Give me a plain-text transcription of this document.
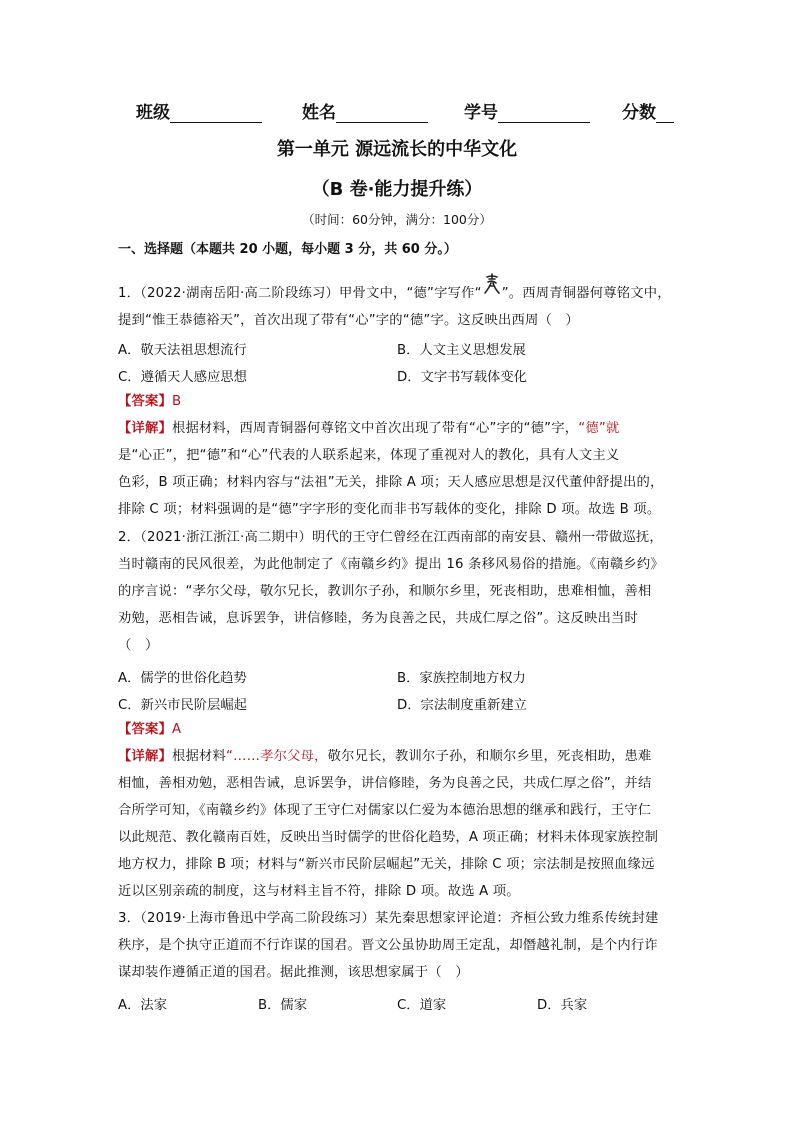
班级	姓名	学号	分数
第一单元 源远流长的中华文化
（B 卷·能力提升练）
（时间：60分钟，满分：100分）
一、选择题（本题共 20 小题，每小题 3 分，共 60 分。）
1．（2022·湖南岳阳·高二阶段练习）甲骨文中，“德”字写作“ ”。西周青铜器何尊铭文中，
提到“惟王恭德裕天”，首次出现了带有“心”字的“德”字。这反映出西周（　）
A．敬天法祖思想流行	B．人文主义思想发展
C．遵循天人感应思想	D．文字书写载体变化
【答案】B
【详解】根据材料，西周青铜器何尊铭文中首次出现了带有“心”字的“德”字，“德”就
是“心正”，把“德”和“心”代表的人联系起来，体现了重视对人的教化，具有人文主义
色彩，B 项正确；材料内容与“法祖”无关，排除 A 项；天人感应思想是汉代董仲舒提出的，
排除 C 项；材料强调的是“德”字字形的变化而非书写载体的变化，排除 D 项。故选 B 项。
2．（2021·浙江浙江·高二期中）明代的王守仁曾经在江西南部的南安县、赣州一带做巡抚，
当时赣南的民风很差，为此他制定了《南赣乡约》提出 16 条移风易俗的措施。《南赣乡约》
的序言说：“孝尔父母，敬尔兄长，教训尔子孙，和顺尔乡里，死丧相助，患难相恤，善相
劝勉，恶相告诫，息诉罢争，讲信修睦，务为良善之民，共成仁厚之俗”。这反映出当时
（　）
A．儒学的世俗化趋势	B．家族控制地方权力
C．新兴市民阶层崛起	D．宗法制度重新建立
【答案】A
【详解】根据材料“……孝尔父母，敬尔兄长，教训尔子孙，和顺尔乡里，死丧相助，患难
相恤，善相劝勉，恶相告诫，息诉罢争，讲信修睦，务为良善之民，共成仁厚之俗”，并结
合所学可知，《南赣乡约》体现了王守仁对儒家以仁爱为本德治思想的继承和践行，王守仁
以此规范、教化赣南百姓，反映出当时儒学的世俗化趋势，A 项正确；材料未体现家族控制
地方权力，排除 B 项；材料与“新兴市民阶层崛起”无关，排除 C 项；宗法制是按照血缘远
近以区别亲疏的制度，这与材料主旨不符，排除 D 项。故选 A 项。
3．（2019·上海市鲁迅中学高二阶段练习）某先秦思想家评论道：齐桓公致力维系传统封建
秩序，是个执守正道而不行诈谋的国君。晋文公虽协助周王定乱，却僭越礼制，是个内行诈
谋却装作遵循正道的国君。据此推测，该思想家属于（　）
A．法家	B．儒家	C．道家	D．兵家
